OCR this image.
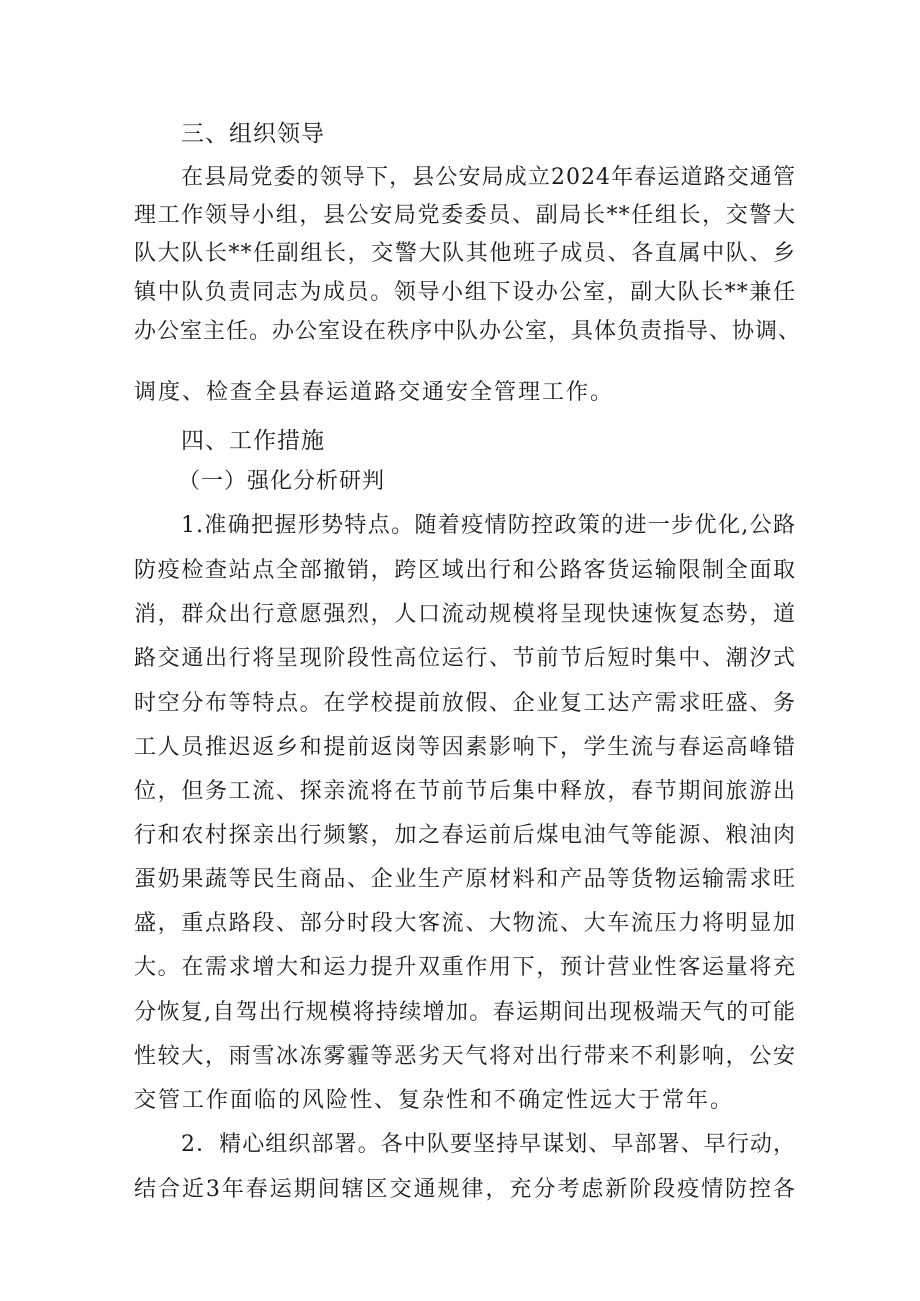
三、组织领导
在县局党委的领导下，县公安局成立2024年春运道路交通管
理工作领导小组，县公安局党委委员、副局长**任组长，交警大
队大队长**任副组长，交警大队其他班子成员、各直属中队、乡
镇中队负责同志为成员。领导小组下设办公室，副大队长**兼任
办公室主任。办公室设在秩序中队办公室，具体负责指导、协调、
调度、检查全县春运道路交通安全管理工作。
四、工作措施
（一）强化分析研判
1.准确把握形势特点。随着疫情防控政策的进一步优化,公路
防疫检查站点全部撤销，跨区域出行和公路客货运输限制全面取
消，群众出行意愿强烈，人口流动规模将呈现快速恢复态势，道
路交通出行将呈现阶段性高位运行、节前节后短时集中、潮汐式
时空分布等特点。在学校提前放假、企业复工达产需求旺盛、务
工人员推迟返乡和提前返岗等因素影响下，学生流与春运高峰错
位，但务工流、探亲流将在节前节后集中释放，春节期间旅游出
行和农村探亲出行频繁，加之春运前后煤电油气等能源、粮油肉
蛋奶果蔬等民生商品、企业生产原材料和产品等货物运输需求旺
盛，重点路段、部分时段大客流、大物流、大车流压力将明显加
大。在需求增大和运力提升双重作用下，预计营业性客运量将充
分恢复,自驾出行规模将持续增加。春运期间出现极端天气的可能
性较大，雨雪冰冻雾霾等恶劣天气将对出行带来不利影响，公安
交管工作面临的风险性、复杂性和不确定性远大于常年。
2．精心组织部署。各中队要坚持早谋划、早部署、早行动，
结合近3年春运期间辖区交通规律，充分考虑新阶段疫情防控各
